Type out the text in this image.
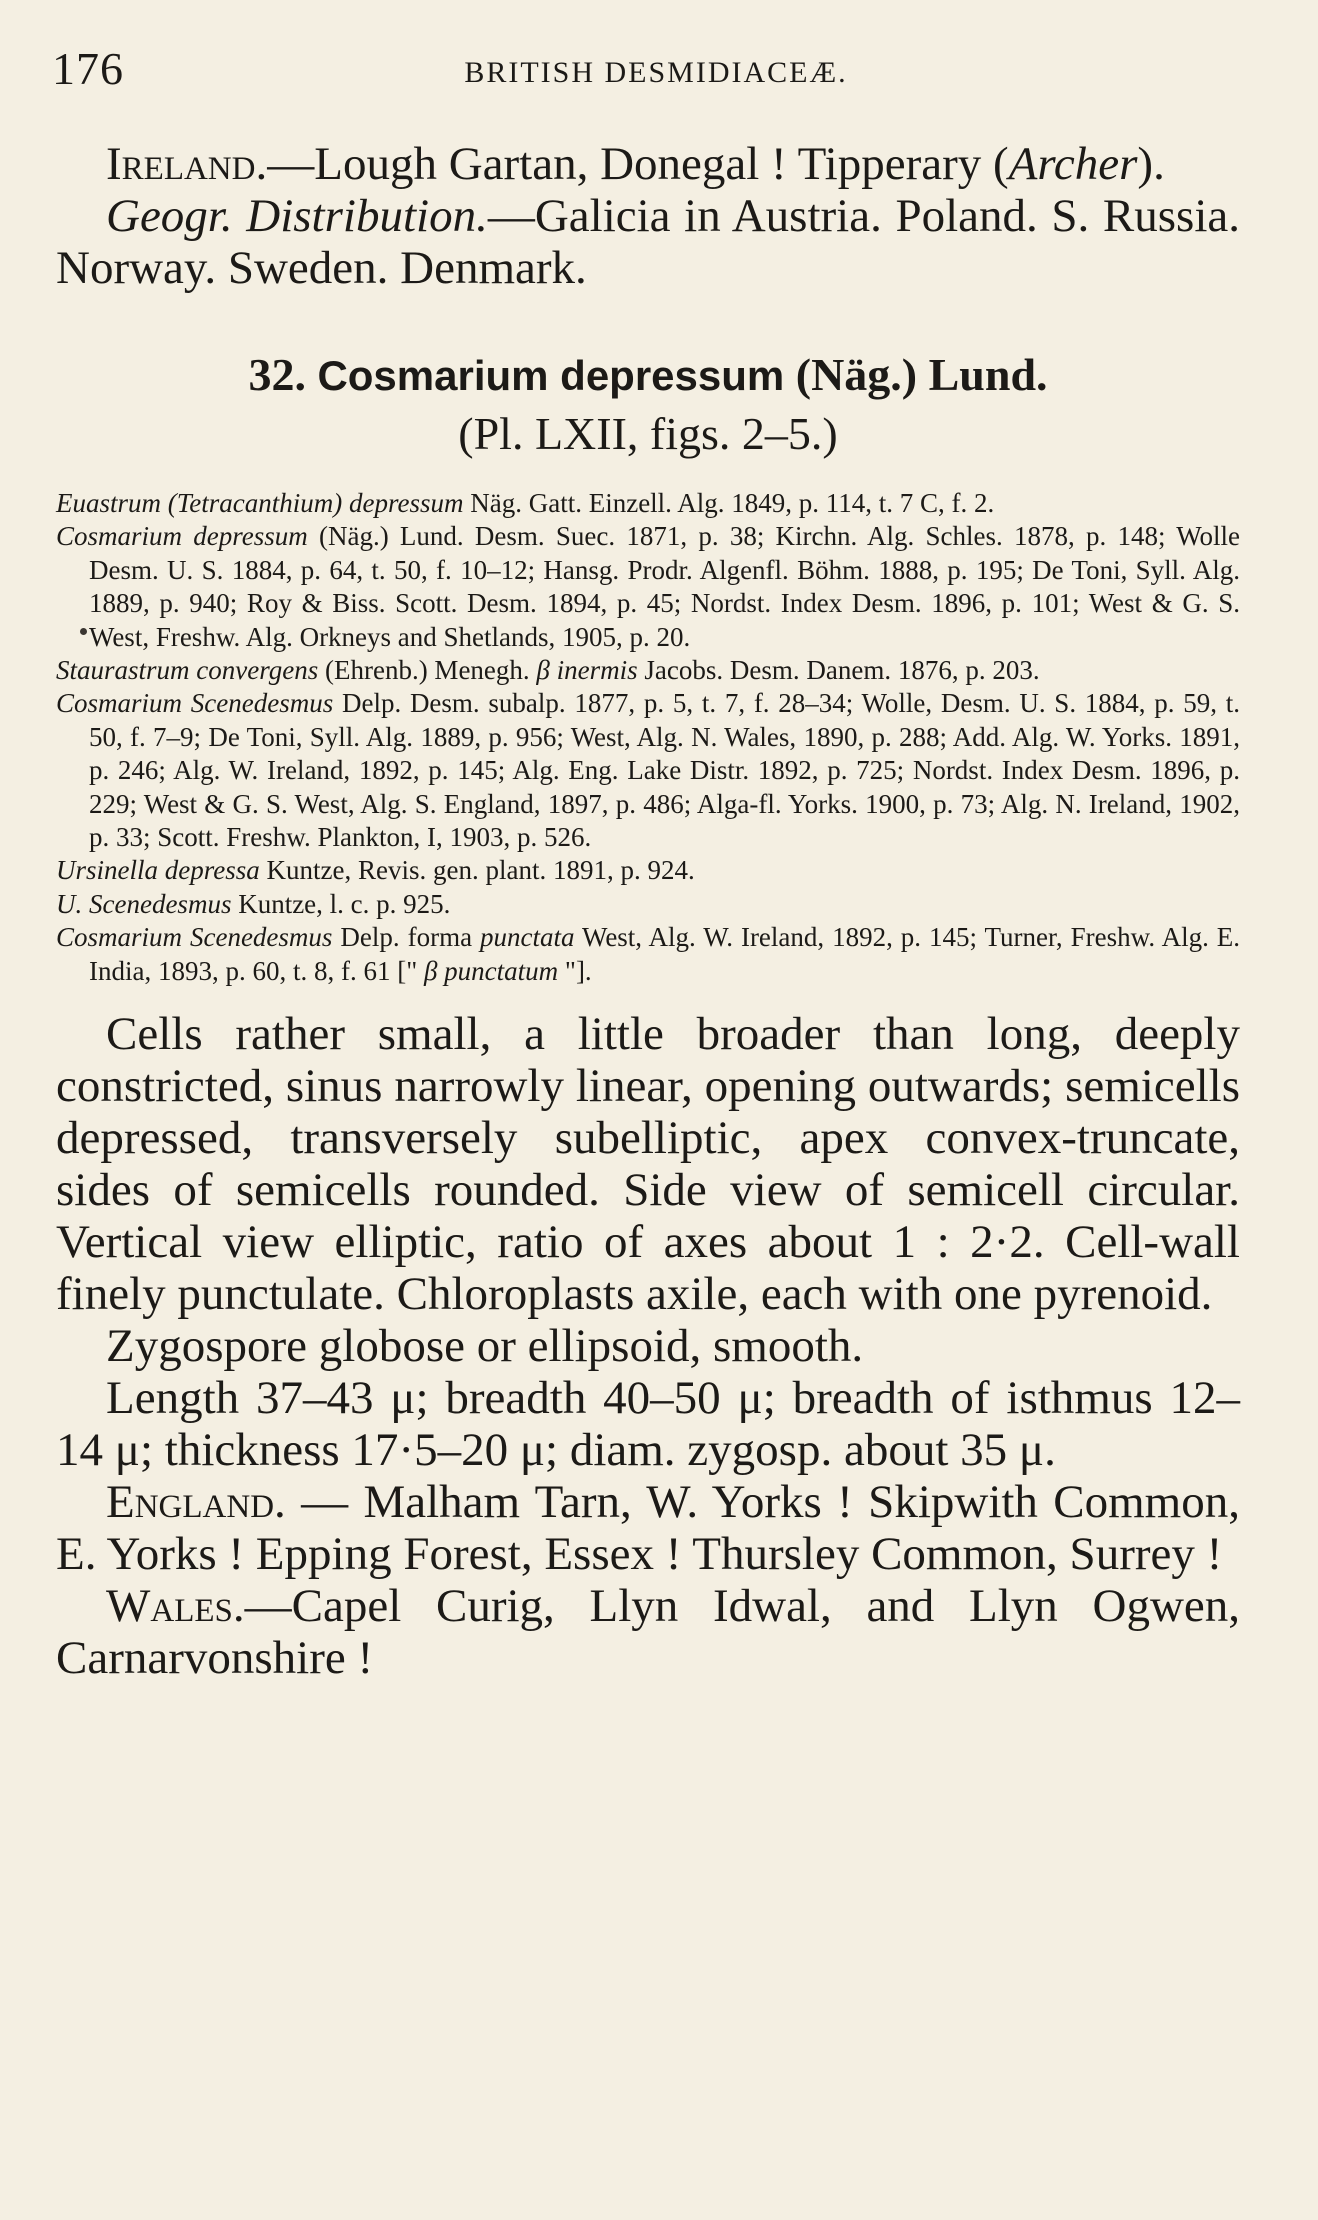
176	BRITISH DESMIDIACEÆ.

Ireland.—Lough Gartan, Donegal ! Tipperary (Archer).

Geogr. Distribution.—Galicia in Austria. Poland. S. Russia. Norway. Sweden. Denmark.

32. Cosmarium depressum (Näg.) Lund.
(Pl. LXII, figs. 2–5.)

Euastrum (Tetracanthium) depressum Näg. Gatt. Einzell. Alg. 1849, p. 114, t. 7 C, f. 2.

Cosmarium depressum (Näg.) Lund. Desm. Suec. 1871, p. 38; Kirchn. Alg. Schles. 1878, p. 148; Wolle Desm. U. S. 1884, p. 64, t. 50, f. 10–12; Hansg. Prodr. Algenfl. Böhm. 1888, p. 195; De Toni, Syll. Alg. 1889, p. 940; Roy & Biss. Scott. Desm. 1894, p. 45; Nordst. Index Desm. 1896, p. 101; West & G. S. West, Freshw. Alg. Orkneys and Shetlands, 1905, p. 20.

Staurastrum convergens (Ehrenb.) Menegh. β inermis Jacobs. Desm. Danem. 1876, p. 203.

Cosmarium Scenedesmus Delp. Desm. subalp. 1877, p. 5, t. 7, f. 28–34; Wolle, Desm. U. S. 1884, p. 59, t. 50, f. 7–9; De Toni, Syll. Alg. 1889, p. 956; West, Alg. N. Wales, 1890, p. 288; Add. Alg. W. Yorks. 1891, p. 246; Alg. W. Ireland, 1892, p. 145; Alg. Eng. Lake Distr. 1892, p. 725; Nordst. Index Desm. 1896, p. 229; West & G. S. West, Alg. S. England, 1897, p. 486; Alga-fl. Yorks. 1900, p. 73; Alg. N. Ireland, 1902, p. 33; Scott. Freshw. Plankton, I, 1903, p. 526.

Ursinella depressa Kuntze, Revis. gen. plant. 1891, p. 924.

U. Scenedesmus Kuntze, l. c. p. 925.

Cosmarium Scenedesmus Delp. forma punctata West, Alg. W. Ireland, 1892, p. 145; Turner, Freshw. Alg. E. India, 1893, p. 60, t. 8, f. 61 [" β punctatum "].

Cells rather small, a little broader than long, deeply constricted, sinus narrowly linear, opening outwards; semicells depressed, transversely subelliptic, apex convex-truncate, sides of semicells rounded. Side view of semicell circular. Vertical view elliptic, ratio of axes about 1 : 2·2. Cell-wall finely punctulate. Chloroplasts axile, each with one pyrenoid.

Zygospore globose or ellipsoid, smooth.

Length 37–43 μ; breadth 40–50 μ; breadth of isthmus 12–14 μ; thickness 17·5–20 μ; diam. zygosp. about 35 μ.

England. — Malham Tarn, W. Yorks ! Skipwith Common, E. Yorks ! Epping Forest, Essex ! Thursley Common, Surrey !

Wales.—Capel Curig, Llyn Idwal, and Llyn Ogwen, Carnarvonshire !
